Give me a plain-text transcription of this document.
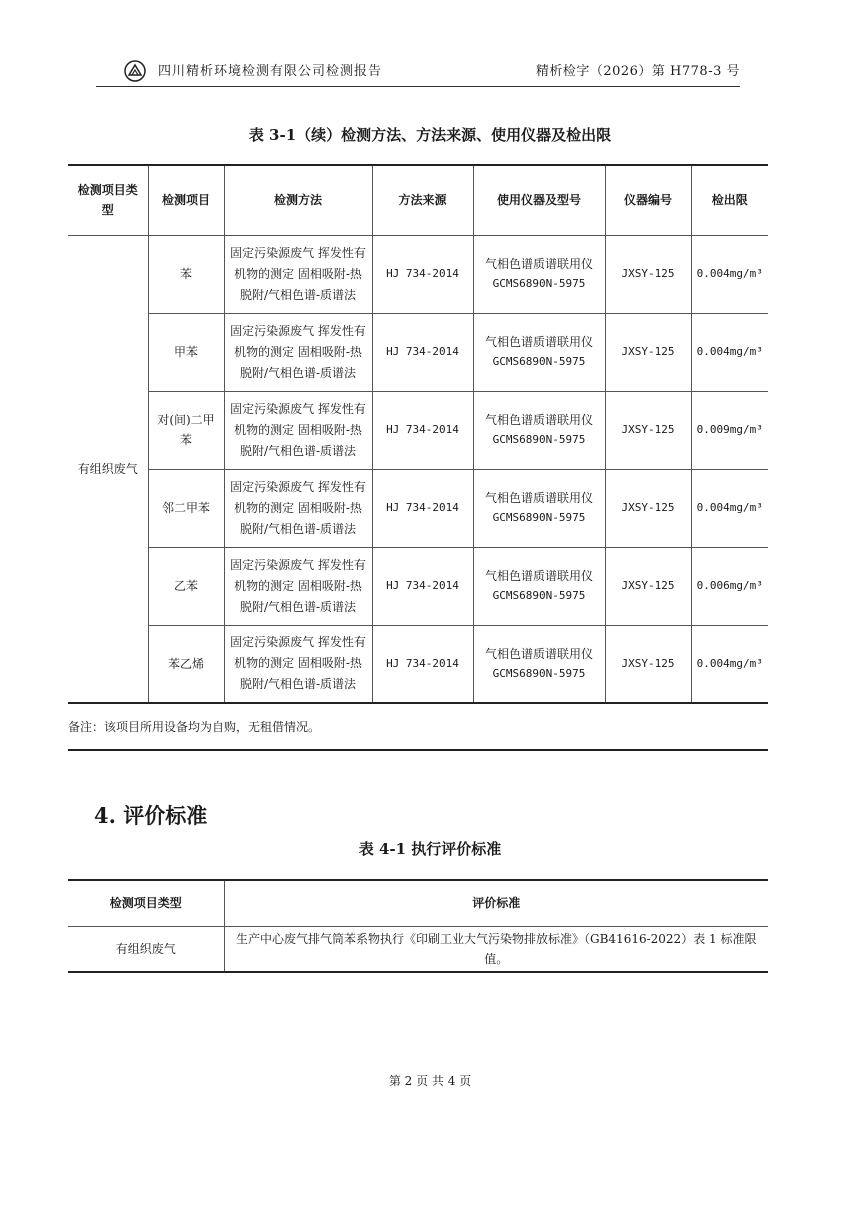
四川精析环境检测有限公司检测报告	精析检字（2026）第 H778-3 号
表 3-1（续）检测方法、方法来源、使用仪器及检出限
检测项目类型	检测项目	检测方法	方法来源	使用仪器及型号	仪器编号	检出限
有组织废气	苯	固定污染源废气 挥发性有机物的测定 固相吸附-热脱附/气相色谱-质谱法	HJ 734-2014	气相色谱质谱联用仪
GCMS6890N-5975	JXSY-125	0.004mg/m³
	甲苯	固定污染源废气 挥发性有机物的测定 固相吸附-热脱附/气相色谱-质谱法	HJ 734-2014	气相色谱质谱联用仪
GCMS6890N-5975	JXSY-125	0.004mg/m³
	对(间)二甲苯	固定污染源废气 挥发性有机物的测定 固相吸附-热脱附/气相色谱-质谱法	HJ 734-2014	气相色谱质谱联用仪
GCMS6890N-5975	JXSY-125	0.009mg/m³
	邻二甲苯	固定污染源废气 挥发性有机物的测定 固相吸附-热脱附/气相色谱-质谱法	HJ 734-2014	气相色谱质谱联用仪
GCMS6890N-5975	JXSY-125	0.004mg/m³
	乙苯	固定污染源废气 挥发性有机物的测定 固相吸附-热脱附/气相色谱-质谱法	HJ 734-2014	气相色谱质谱联用仪
GCMS6890N-5975	JXSY-125	0.006mg/m³
	苯乙烯	固定污染源废气 挥发性有机物的测定 固相吸附-热脱附/气相色谱-质谱法	HJ 734-2014	气相色谱质谱联用仪
GCMS6890N-5975	JXSY-125	0.004mg/m³
备注：该项目所用设备均为自购，无租借情况。
4. 评价标准
表 4-1 执行评价标准
检测项目类型	评价标准
有组织废气	生产中心废气排气筒苯系物执行《印刷工业大气污染物排放标准》（GB41616-2022）表 1 标准限值。
第 2 页 共 4 页
